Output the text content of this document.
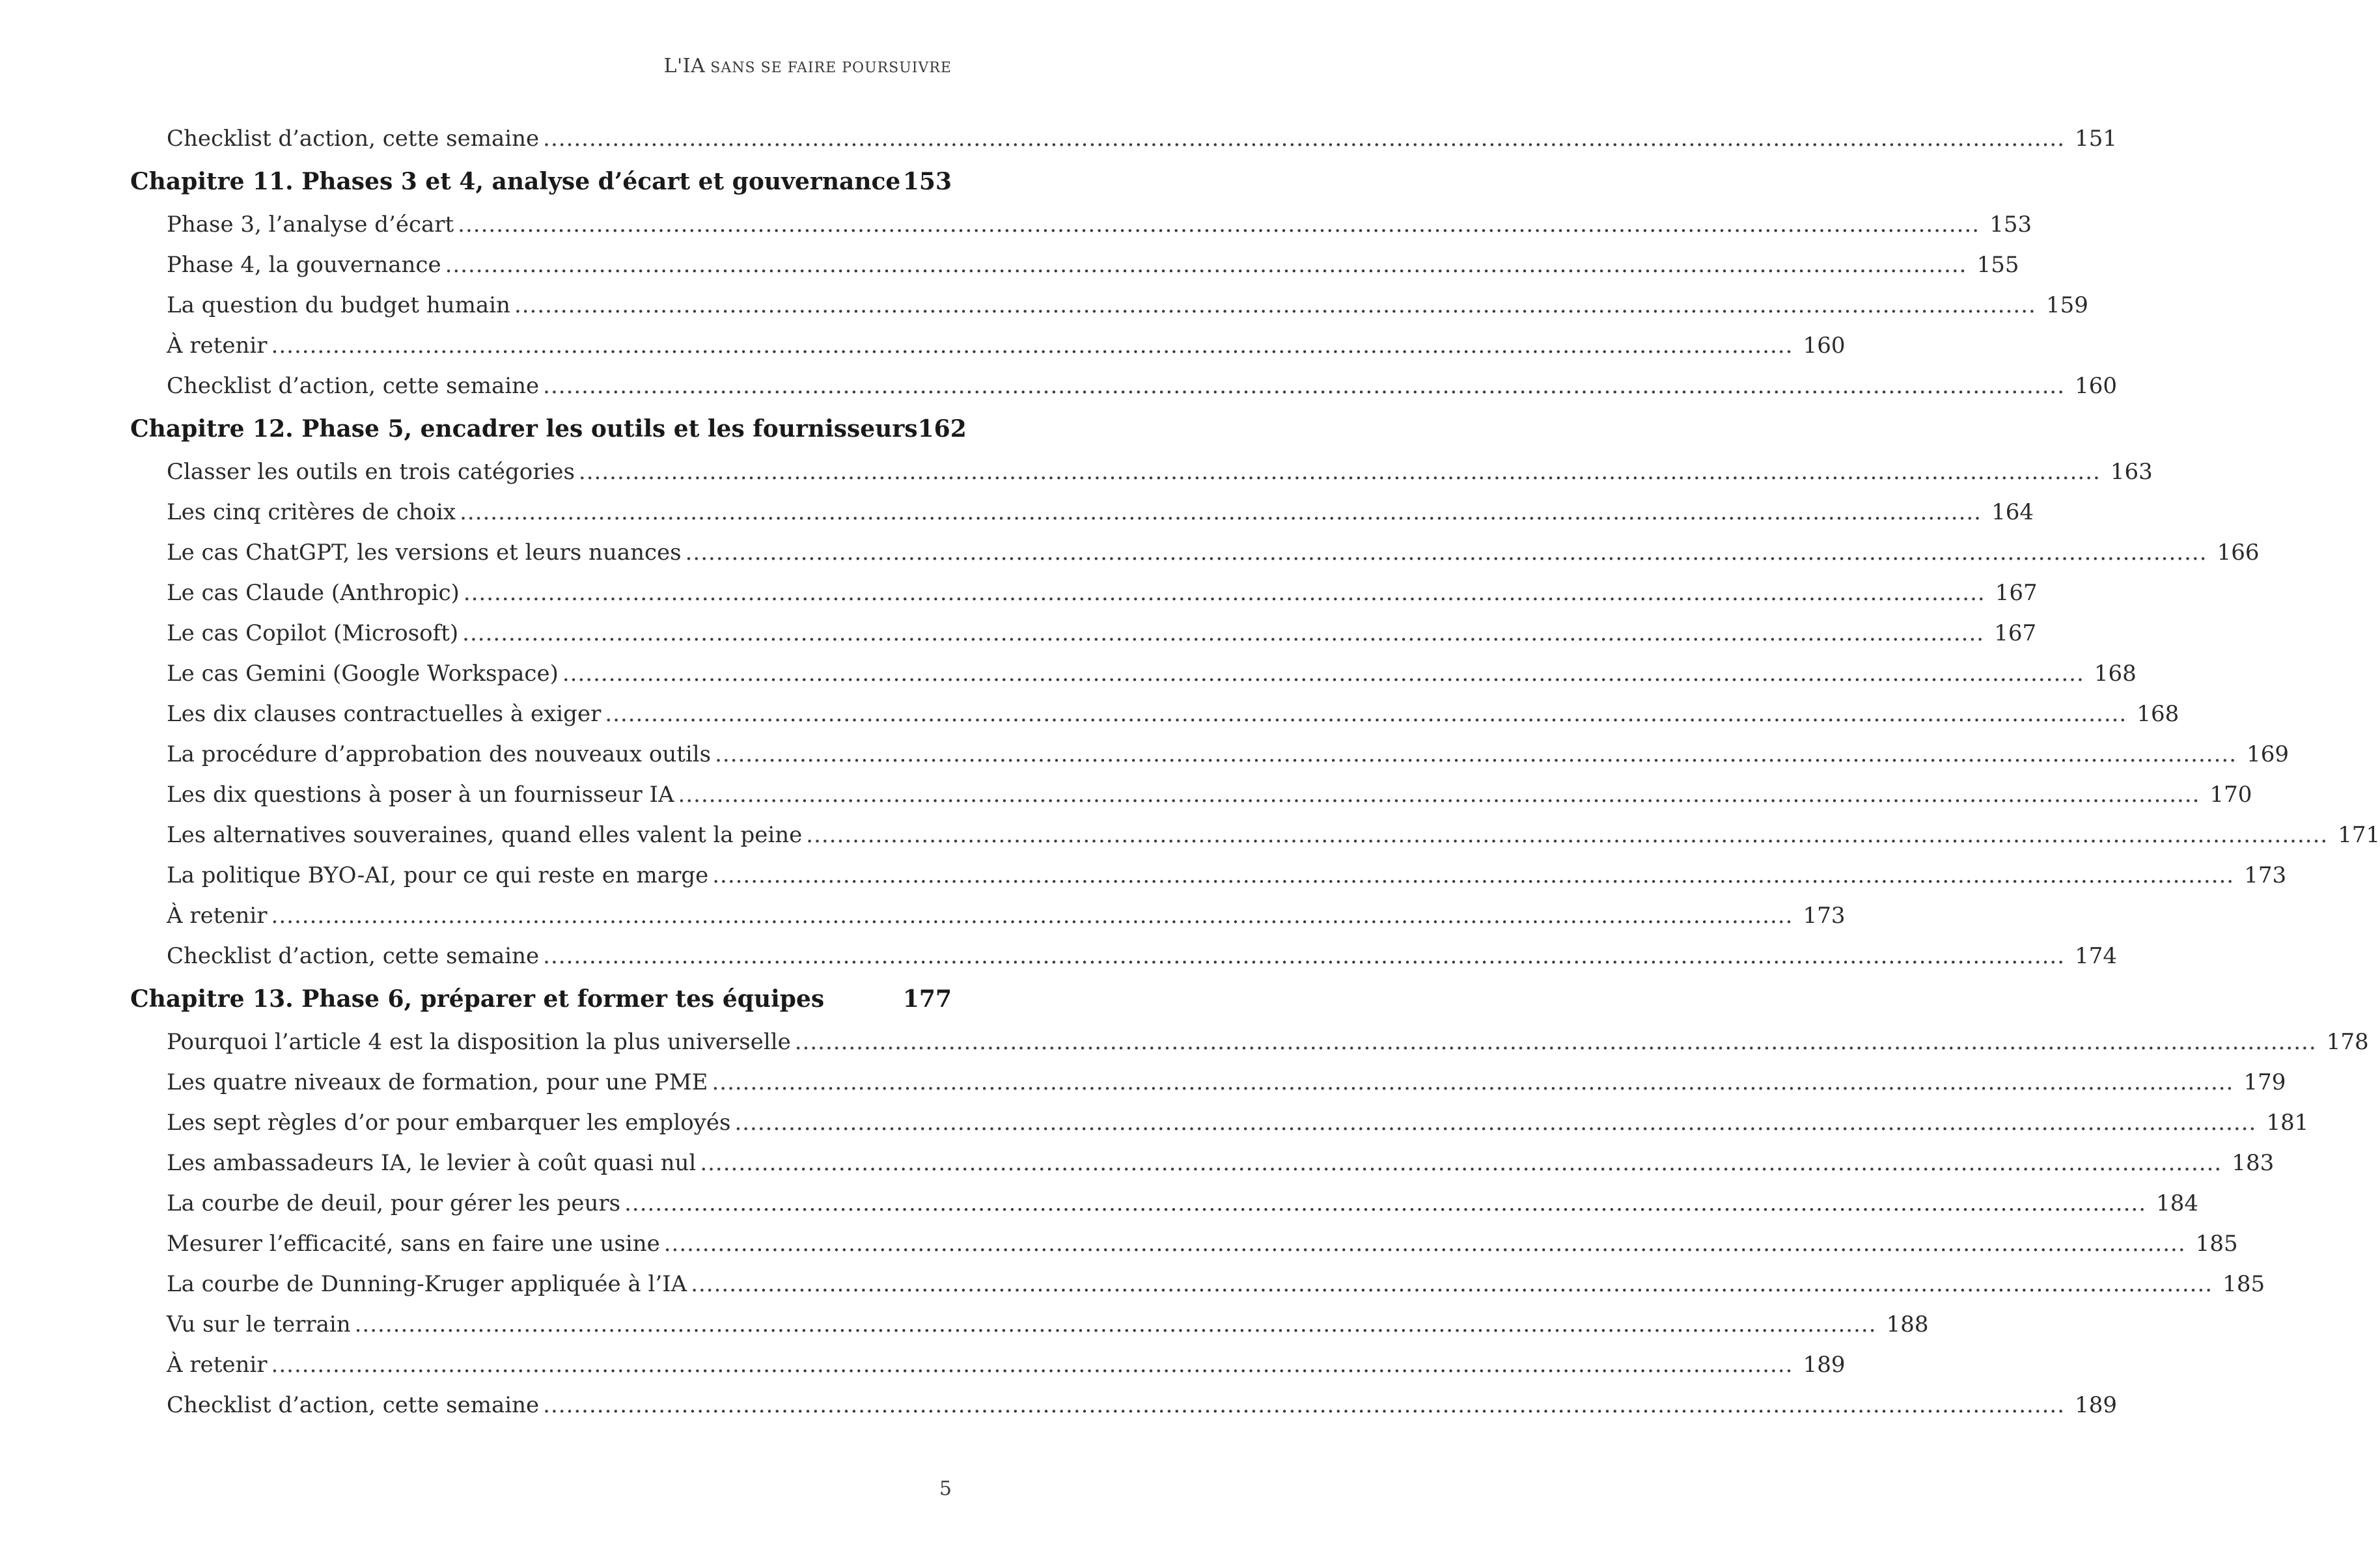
L'IA SANS SE FAIRE POURSUIVRE
Checklist d’action, cette semaine .....	151
Chapitre 11. Phases 3 et 4, analyse d’écart et gouvernance 153
Phase 3, l’analyse d’écart .....	153
Phase 4, la gouvernance .....	155
La question du budget humain .....	159
À retenir .....	160
Checklist d’action, cette semaine .....	160
Chapitre 12. Phase 5, encadrer les outils et les fournisseurs 162
Classer les outils en trois catégories .....	163
Les cinq critères de choix .....	164
Le cas ChatGPT, les versions et leurs nuances .....	166
Le cas Claude (Anthropic) .....	167
Le cas Copilot (Microsoft) .....	167
Le cas Gemini (Google Workspace) .....	168
Les dix clauses contractuelles à exiger .....	168
La procédure d’approbation des nouveaux outils .....	169
Les dix questions à poser à un fournisseur IA .....	170
Les alternatives souveraines, quand elles valent la peine .....	171
La politique BYO-AI, pour ce qui reste en marge .....	173
À retenir .....	173
Checklist d’action, cette semaine .....	174
Chapitre 13. Phase 6, préparer et former tes équipes	177
Pourquoi l’article 4 est la disposition la plus universelle .....	178
Les quatre niveaux de formation, pour une PME .....	179
Les sept règles d’or pour embarquer les employés .....	181
Les ambassadeurs IA, le levier à coût quasi nul .....	183
La courbe de deuil, pour gérer les peurs .....	184
Mesurer l’efficacité, sans en faire une usine .....	185
La courbe de Dunning-Kruger appliquée à l’IA .....	185
Vu sur le terrain .....	188
À retenir .....	189
Checklist d’action, cette semaine .....	189
5
